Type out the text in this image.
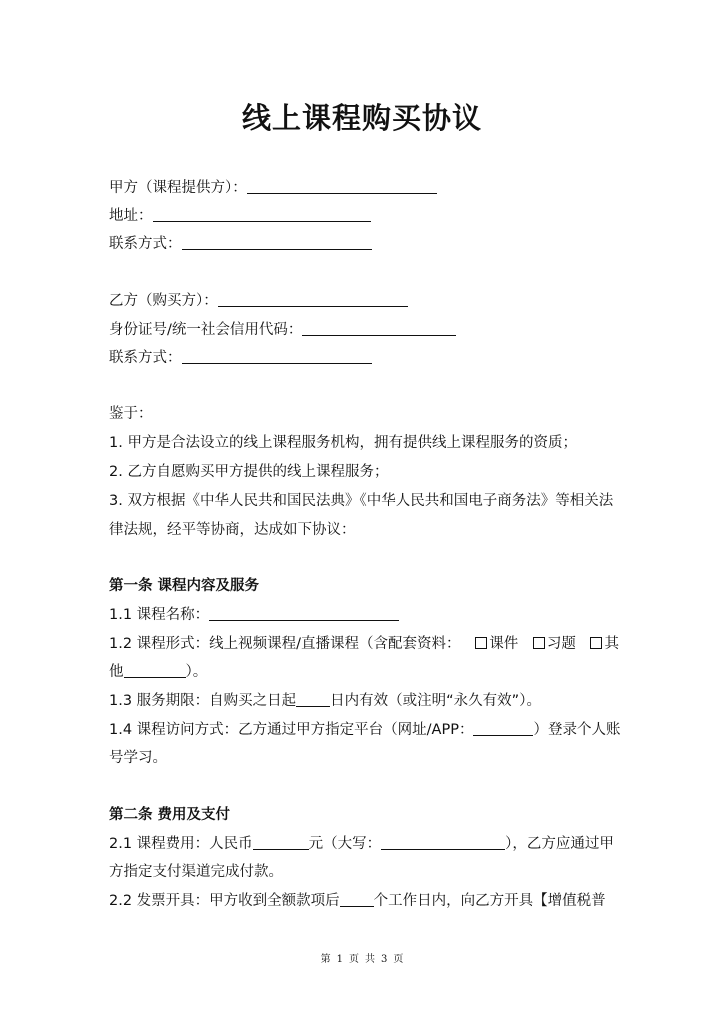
线上课程购买协议
甲方（课程提供方）：
地址：
联系方式：
乙方（购买方）：
身份证号/统一社会信用代码：
联系方式：
鉴于：
1. 甲方是合法设立的线上课程服务机构，拥有提供线上课程服务的资质；
2. 乙方自愿购买甲方提供的线上课程服务；
3. 双方根据《中华人民共和国民法典》《中华人民共和国电子商务法》等相关法
律法规，经平等协商，达成如下协议：
第一条 课程内容及服务
1.1 课程名称：
1.2 课程形式：线上视频课程/直播课程（含配套资料：	课件	习题	其
他	）。
1.3 服务期限：自购买之日起 日内有效（或注明“永久有效”）。
1.4 课程访问方式：乙方通过甲方指定平台（网址/APP：	）登录个人账
号学习。
第二条 费用及支付
2.1 课程费用：人民币	元（大写：	），乙方应通过甲
方指定支付渠道完成付款。
2.2 发票开具：甲方收到全额款项后 个工作日内，向乙方开具【增值税普
第 1 页 共 3 页
